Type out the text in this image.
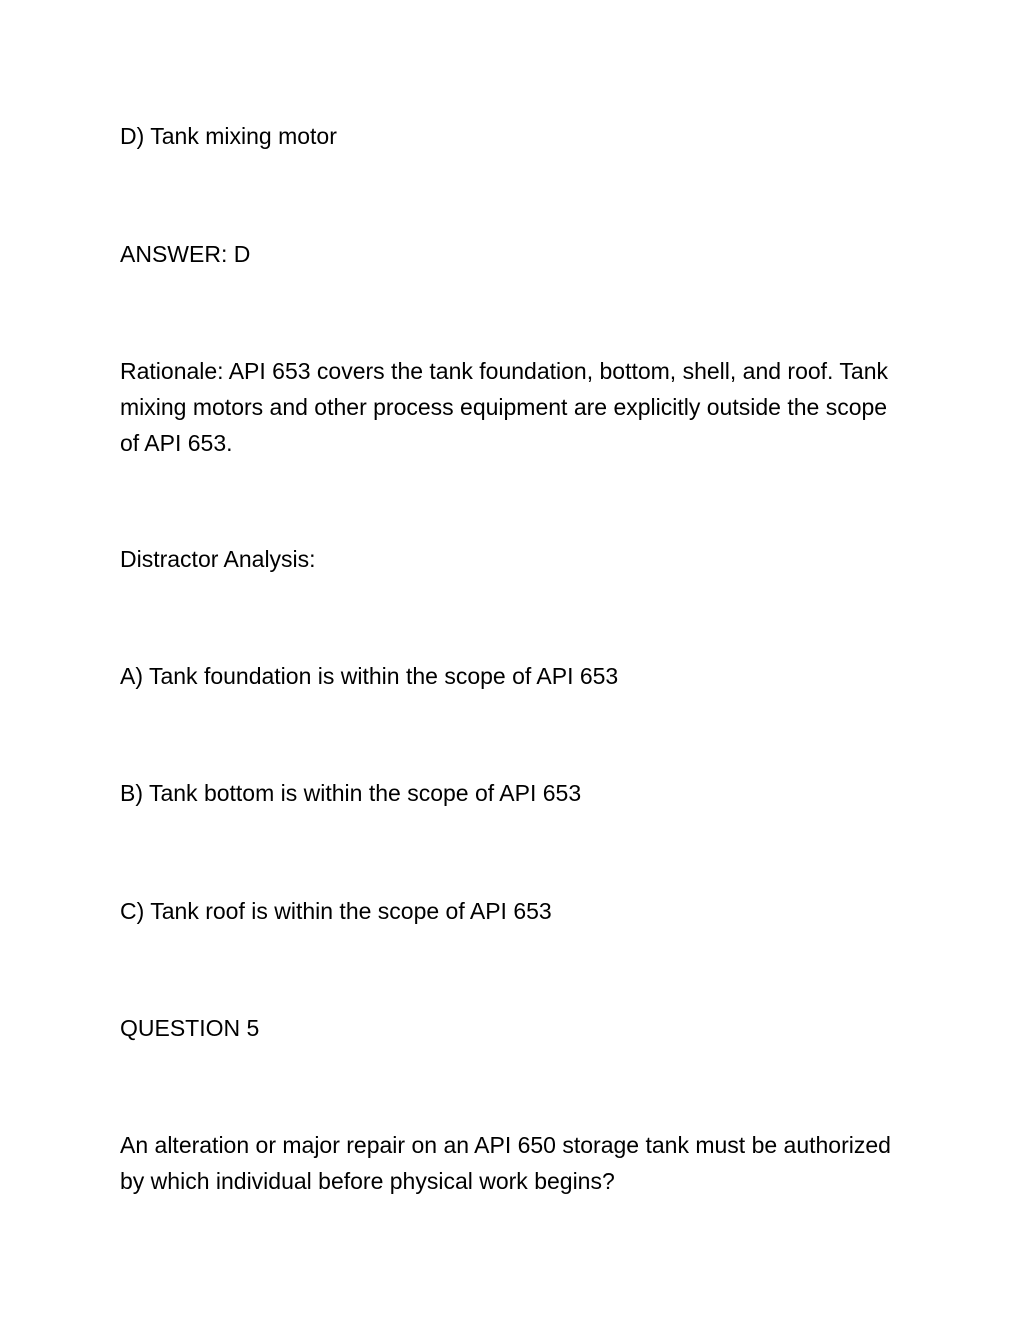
D) Tank mixing motor

ANSWER: D

Rationale: API 653 covers the tank foundation, bottom, shell, and roof. Tank mixing motors and other process equipment are explicitly outside the scope of API 653.

Distractor Analysis:

A) Tank foundation is within the scope of API 653

B) Tank bottom is within the scope of API 653

C) Tank roof is within the scope of API 653

QUESTION 5

An alteration or major repair on an API 650 storage tank must be authorized by which individual before physical work begins?
